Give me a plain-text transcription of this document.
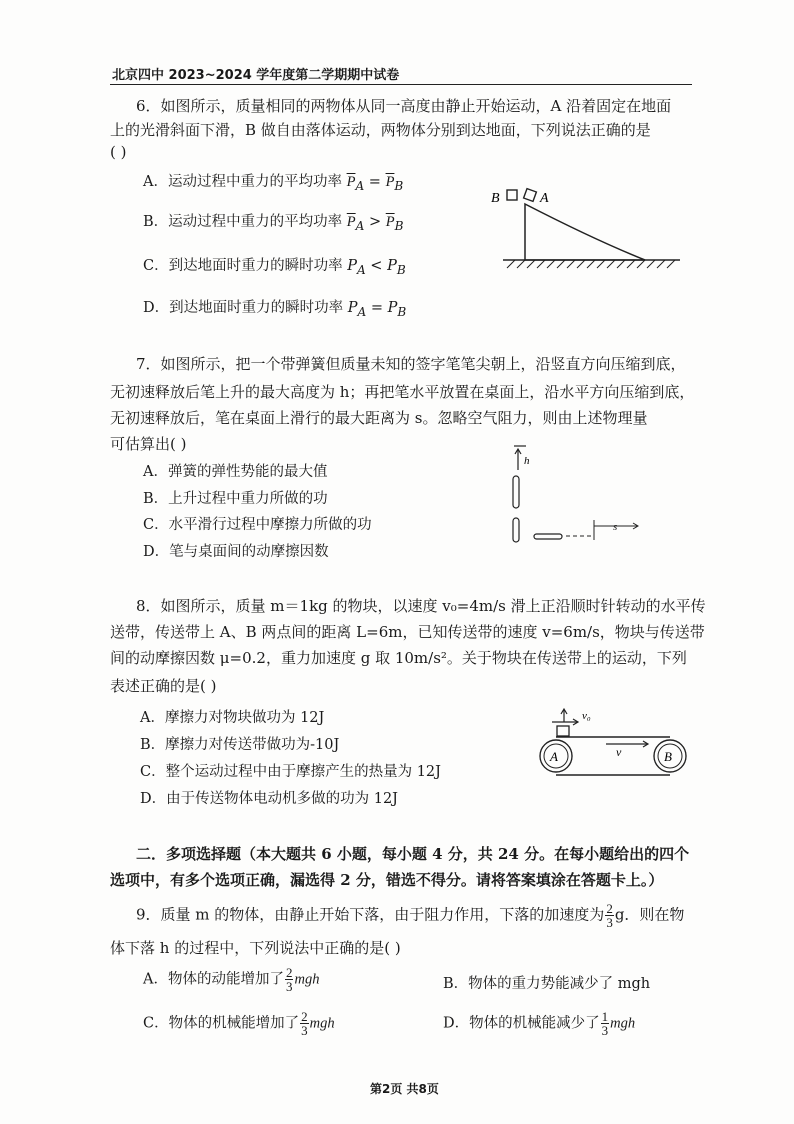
北京四中 2023~2024 学年度第二学期期中试卷
6．如图所示，质量相同的两物体从同一高度由静止开始运动，A 沿着固定在地面
上的光滑斜面下滑，B 做自由落体运动，两物体分别到达地面，下列说法正确的是
( )
A．运动过程中重力的平均功率 $\overline{P}_A = \overline{P}_B$
B．运动过程中重力的平均功率 $\overline{P}_A > \overline{P}_B$
C．到达地面时重力的瞬时功率 $P_A < P_B$
D．到达地面时重力的瞬时功率 $P_A = P_B$
B	A
7．如图所示，把一个带弹簧但质量未知的签字笔笔尖朝上，沿竖直方向压缩到底，
无初速释放后笔上升的最大高度为 h；再把笔水平放置在桌面上，沿水平方向压缩到底，
无初速释放后，笔在桌面上滑行的最大距离为 s。忽略空气阻力，则由上述物理量
可估算出( )
A．弹簧的弹性势能的最大值
B．上升过程中重力所做的功
C．水平滑行过程中摩擦力所做的功
D．笔与桌面间的动摩擦因数
h
s
8．如图所示，质量 m＝1kg 的物块，以速度 v₀=4m/s 滑上正沿顺时针转动的水平传
送带，传送带上 A、B 两点间的距离 L=6m，已知传送带的速度 v=6m/s，物块与传送带
间的动摩擦因数 μ=0.2，重力加速度 g 取 10m/s²。关于物块在传送带上的运动，下列
表述正确的是( )
A．摩擦力对物块做功为 12J
B．摩擦力对传送带做功为-10J
C．整个运动过程中由于摩擦产生的热量为 12J
D．由于传送物体电动机多做的功为 12J
v₀
A	B
v
二．多项选择题（本大题共 6 小题，每小题 4 分，共 24 分。在每小题给出的四个
选项中，有多个选项正确，漏选得 2 分，错选不得分。请将答案填涂在答题卡上。）
9．质量 m 的物体，由静止开始下落，由于阻力作用，下落的加速度为 $\frac{2}{3}$ g．则在物
体下落 h 的过程中，下列说法中正确的是( )
A．物体的动能增加了 $\frac{2}{3}$ mgh	B．物体的重力势能减少了 mgh
C．物体的机械能增加了 $\frac{2}{3}$ mgh	D．物体的机械能减少了 $\frac{1}{3}$ mgh
第2页 共8页
